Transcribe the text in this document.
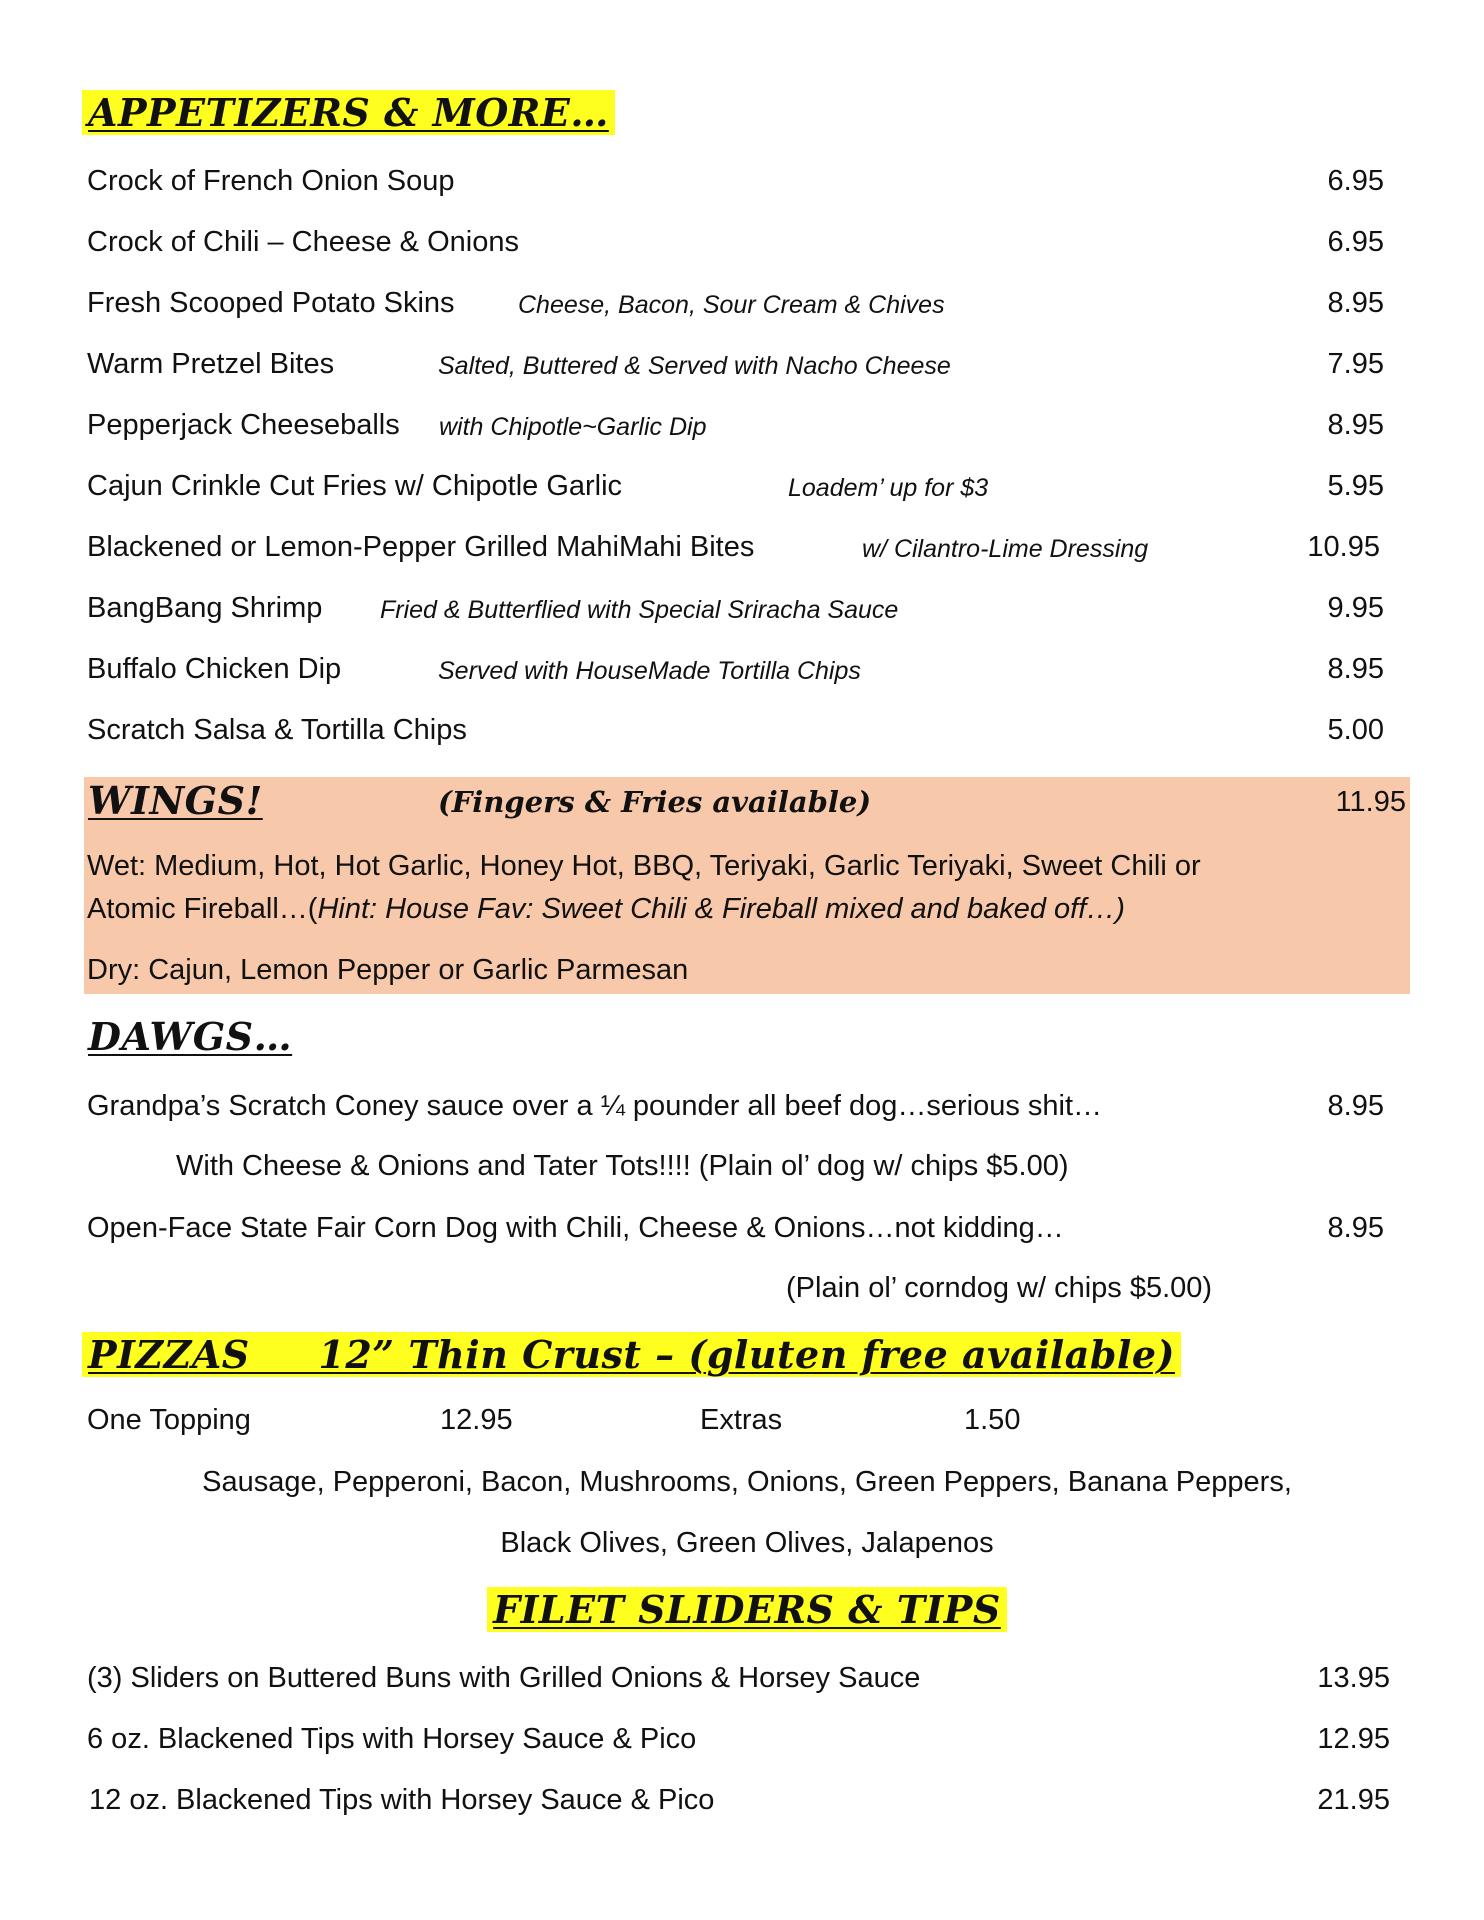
APPETIZERS & MORE…
Crock of French Onion Soup	6.95
Crock of Chili – Cheese & Onions	6.95
Fresh Scooped Potato Skins	Cheese, Bacon, Sour Cream & Chives	8.95
Warm Pretzel Bites	Salted, Buttered & Served with Nacho Cheese	7.95
Pepperjack Cheeseballs with Chipotle~Garlic Dip	8.95
Cajun Crinkle Cut Fries w/ Chipotle Garlic	Loadem’ up for $3	5.95
Blackened or Lemon-Pepper Grilled MahiMahi Bites	w/ Cilantro-Lime Dressing	10.95
BangBang Shrimp Fried & Butterflied with Special Sriracha Sauce	9.95
Buffalo Chicken Dip	Served with HouseMade Tortilla Chips	8.95
Scratch Salsa & Tortilla Chips	5.00
WINGS!	(Fingers & Fries available)	11.95
Wet: Medium, Hot, Hot Garlic, Honey Hot, BBQ, Teriyaki, Garlic Teriyaki, Sweet Chili or
Atomic Fireball…(Hint: House Fav: Sweet Chili & Fireball mixed and baked off…)
Dry: Cajun, Lemon Pepper or Garlic Parmesan
DAWGS…
Grandpa’s Scratch Coney sauce over a ¼ pounder all beef dog…serious shit…	8.95
With Cheese & Onions and Tater Tots!!!! (Plain ol’ dog w/ chips $5.00)
Open-Face State Fair Corn Dog with Chili, Cheese & Onions…not kidding…	8.95
(Plain ol’ corndog w/ chips $5.00)
PIZZAS     12” Thin Crust – (gluten free available)
One Topping	12.95	Extras	1.50
Sausage, Pepperoni, Bacon, Mushrooms, Onions, Green Peppers, Banana Peppers,
Black Olives, Green Olives, Jalapenos
FILET SLIDERS & TIPS
(3) Sliders on Buttered Buns with Grilled Onions & Horsey Sauce	13.95
6 oz. Blackened Tips with Horsey Sauce & Pico	12.95
12 oz. Blackened Tips with Horsey Sauce & Pico	21.95
